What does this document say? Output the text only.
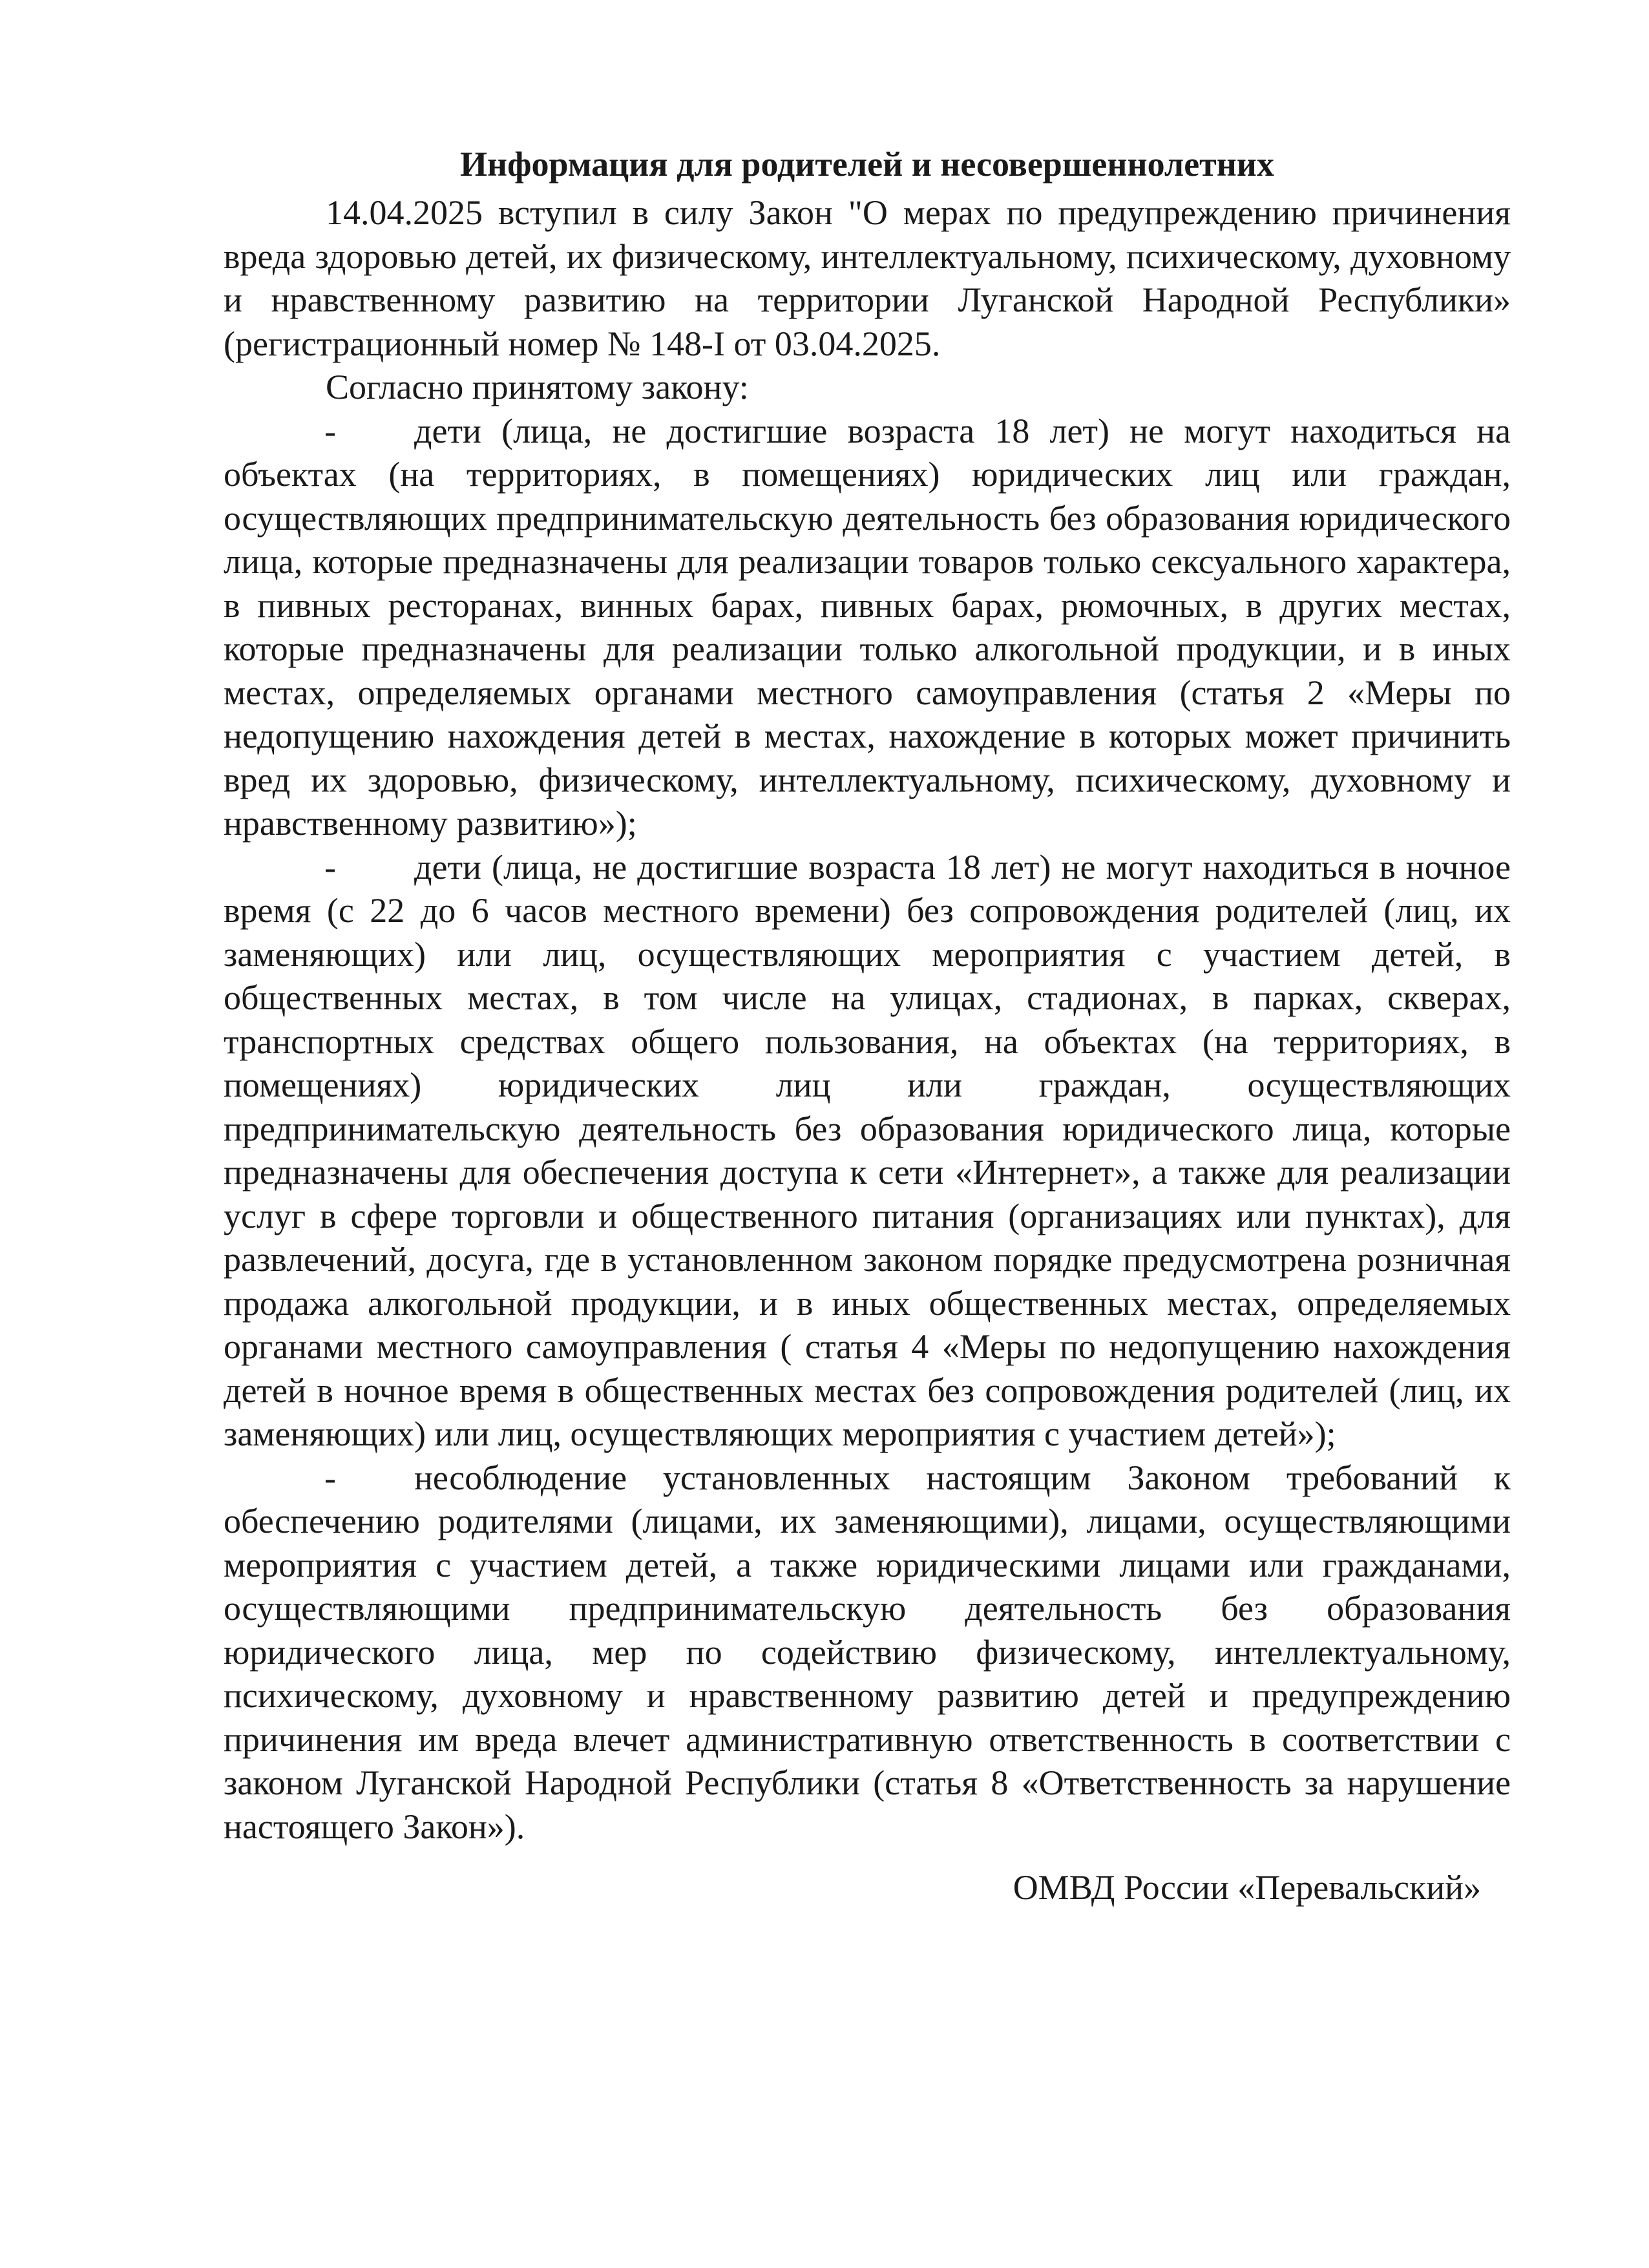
Информация для родителей и несовершеннолетних

14.04.2025 вступил в силу Закон "О мерах по предупреждению причинения вреда здоровью детей, их физическому, интеллектуальному, психическому, духовному и нравственному развитию на территории Луганской Народной Республики» (регистрационный номер № 148-I от 03.04.2025.

Согласно принятому закону:

- дети (лица, не достигшие возраста 18 лет) не могут находиться на объектах (на территориях, в помещениях) юридических лиц или граждан, осуществляющих предпринимательскую деятельность без образования юридического лица, которые предназначены для реализации товаров только сексуального характера, в пивных ресторанах, винных барах, пивных барах, рюмочных, в других местах, которые предназначены для реализации только алкогольной продукции, и в иных местах, определяемых органами местного самоуправления (статья 2 «Меры по недопущению нахождения детей в местах, нахождение в которых может причинить вред их здоровью, физическому, интеллектуальному, психическому, духовному и нравственному развитию»);

- дети (лица, не достигшие возраста 18 лет) не могут находиться в ночное время (с 22 до 6 часов местного времени) без сопровождения родителей (лиц, их заменяющих) или лиц, осуществляющих мероприятия с участием детей, в общественных местах, в том числе на улицах, стадионах, в парках, скверах, транспортных средствах общего пользования, на объектах (на территориях, в помещениях) юридических лиц или граждан, осуществляющих предпринимательскую деятельность без образования юридического лица, которые предназначены для обеспечения доступа к сети «Интернет», а также для реализации услуг в сфере торговли и общественного питания (организациях или пунктах), для развлечений, досуга, где в установленном законом порядке предусмотрена розничная продажа алкогольной продукции, и в иных общественных местах, определяемых органами местного самоуправления ( статья 4 «Меры по недопущению нахождения детей в ночное время в общественных местах без сопровождения родителей (лиц, их заменяющих) или лиц, осуществляющих мероприятия с участием детей»);

- несоблюдение установленных настоящим Законом требований к обеспечению родителями (лицами, их заменяющими), лицами, осуществляющими мероприятия с участием детей, а также юридическими лицами или гражданами, осуществляющими предпринимательскую деятельность без образования юридического лица, мер по содействию физическому, интеллектуальному, психическому, духовному и нравственному развитию детей и предупреждению причинения им вреда влечет административную ответственность в соответствии с законом Луганской Народной Республики (статья 8 «Ответственность за нарушение настоящего Закон»).

ОМВД России «Перевальский»
